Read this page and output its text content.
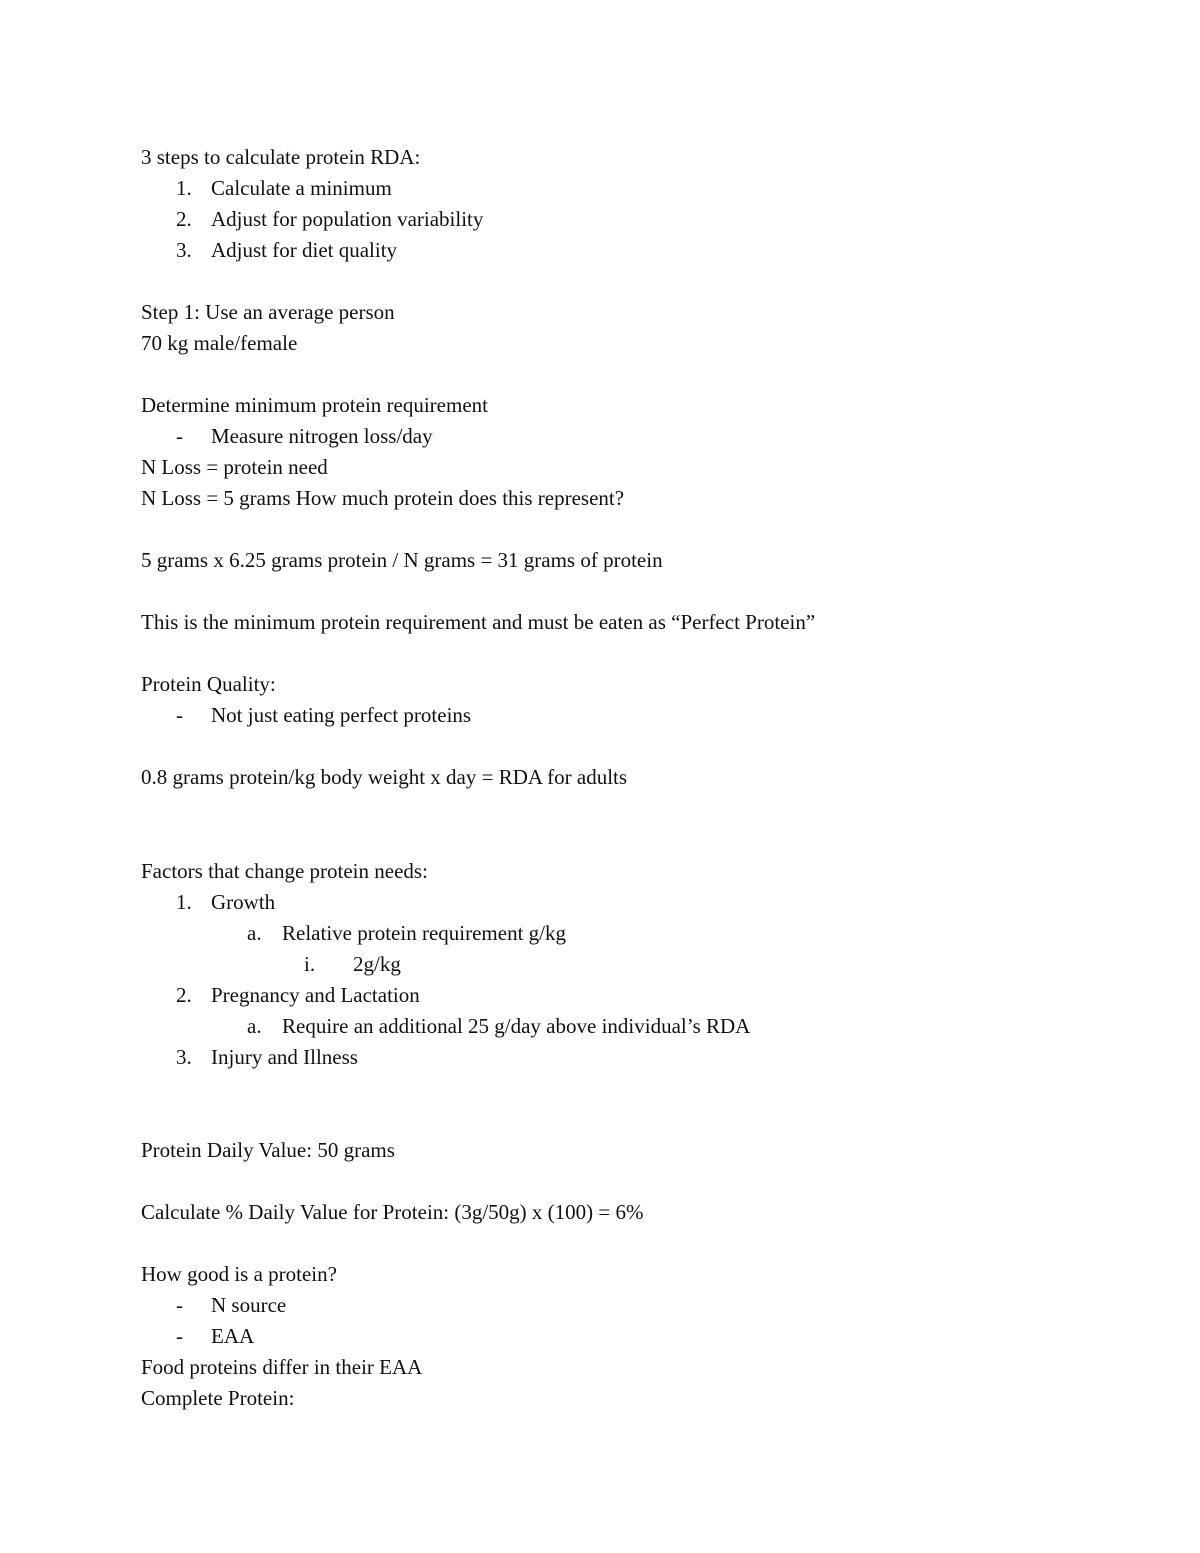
3 steps to calculate protein RDA:
1. Calculate a minimum
2. Adjust for population variability
3. Adjust for diet quality
Step 1: Use an average person
70 kg male/female
Determine minimum protein requirement
- Measure nitrogen loss/day
N Loss = protein need
N Loss = 5 grams How much protein does this represent?
5 grams x 6.25 grams protein / N grams = 31 grams of protein
This is the minimum protein requirement and must be eaten as “Perfect Protein”
Protein Quality:
- Not just eating perfect proteins
0.8 grams protein/kg body weight x day = RDA for adults
Factors that change protein needs:
1. Growth
a. Relative protein requirement g/kg
i. 2g/kg
2. Pregnancy and Lactation
a. Require an additional 25 g/day above individual’s RDA
3. Injury and Illness
Protein Daily Value: 50 grams
Calculate % Daily Value for Protein: (3g/50g) x (100) = 6%
How good is a protein?
- N source
- EAA
Food proteins differ in their EAA
Complete Protein:
